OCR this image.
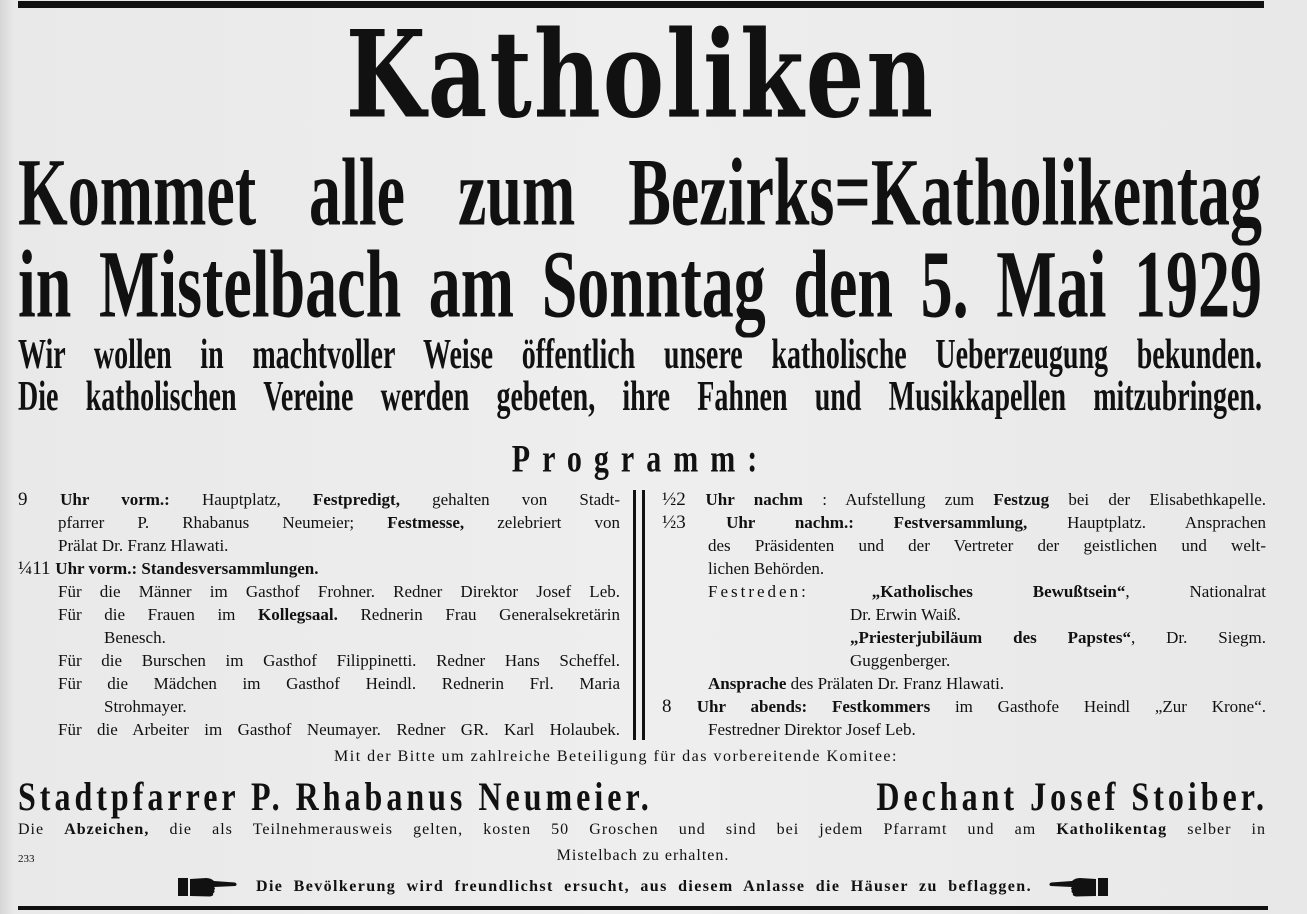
Katholiken
Kommet alle zum Bezirks=Katholikentag
in Mistelbach am Sonntag den 5. Mai 1929
Wir wollen in machtvoller Weise öffentlich unsere katholische Ueberzeugung bekunden.
Die katholischen Vereine werden gebeten, ihre Fahnen und Musikkapellen mitzubringen.
Programm:
9 Uhr vorm.: Hauptplatz, Festpredigt, gehalten von Stadt-
pfarrer P. Rhabanus Neumeier; Festmesse, zelebriert von
Prälat Dr. Franz Hlawati.
¼11 Uhr vorm.: Standesversammlungen.
Für die Männer im Gasthof Frohner. Redner Direktor Josef Leb.
Für die Frauen im Kollegsaal. Rednerin Frau Generalsekretärin
Benesch.
Für die Burschen im Gasthof Filippinetti. Redner Hans Scheffel.
Für die Mädchen im Gasthof Heindl. Rednerin Frl. Maria
Strohmayer.
Für die Arbeiter im Gasthof Neumayer. Redner GR. Karl Holaubek.
½2 Uhr nachm : Aufstellung zum Festzug bei der Elisabethkapelle.
½3 Uhr nachm.: Festversammlung, Hauptplatz. Ansprachen
des Präsidenten und der Vertreter der geistlichen und welt-
lichen Behörden.
Festreden: „Katholisches Bewußtsein“, Nationalrat
Dr. Erwin Waiß.
„Priesterjubiläum des Papstes“, Dr. Siegm.
Guggenberger.
Ansprache des Prälaten Dr. Franz Hlawati.
8 Uhr abends: Festkommers im Gasthofe Heindl „Zur Krone“.
Festredner Direktor Josef Leb.
Mit der Bitte um zahlreiche Beteiligung für das vorbereitende Komitee:
Stadtpfarrer P. Rhabanus Neumeier.	Dechant Josef Stoiber.
Die Abzeichen, die als Teilnehmerausweis gelten, kosten 50 Groschen und sind bei jedem Pfarramt und am Katholikentag selber in
Mistelbach zu erhalten.
233
Die Bevölkerung wird freundlichst ersucht, aus diesem Anlasse die Häuser zu beflaggen.
